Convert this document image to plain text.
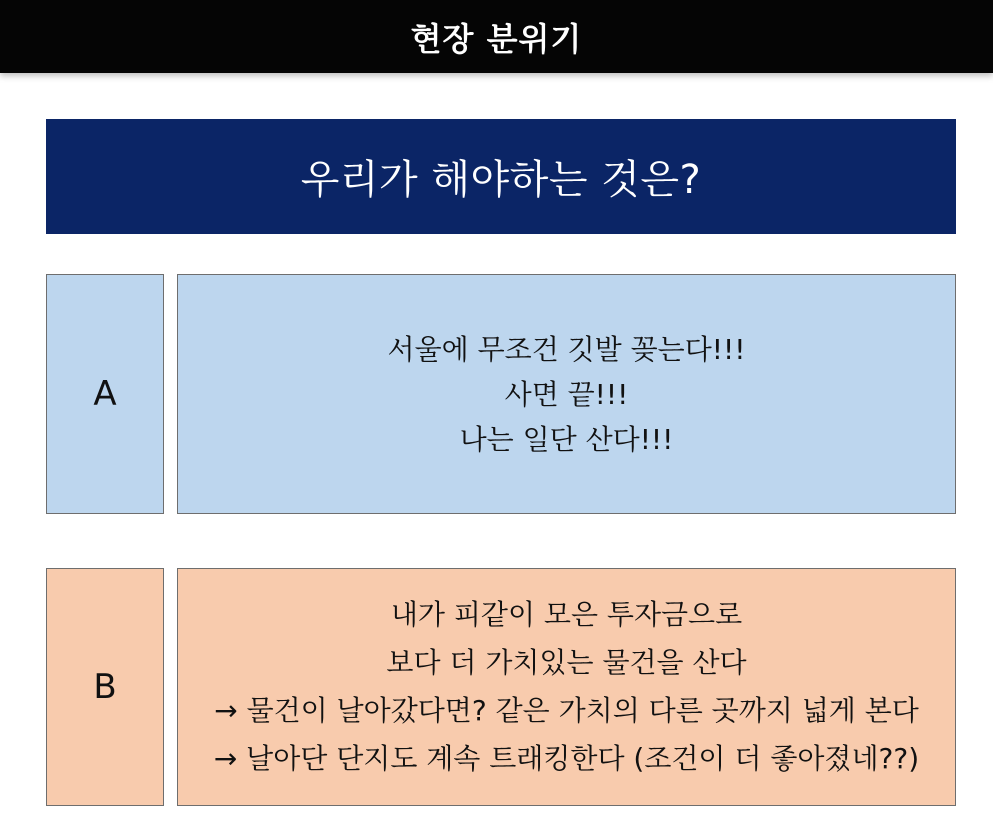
현장 분위기
우리가 해야하는 것은?
A
서울에 무조건 깃발 꽂는다!!!
사면 끝!!!
나는 일단 산다!!!
B
내가 피같이 모은 투자금으로
보다 더 가치있는 물건을 산다
→ 물건이 날아갔다면? 같은 가치의 다른 곳까지 넓게 본다
→ 날아단 단지도 계속 트래킹한다 (조건이 더 좋아졌네??)
